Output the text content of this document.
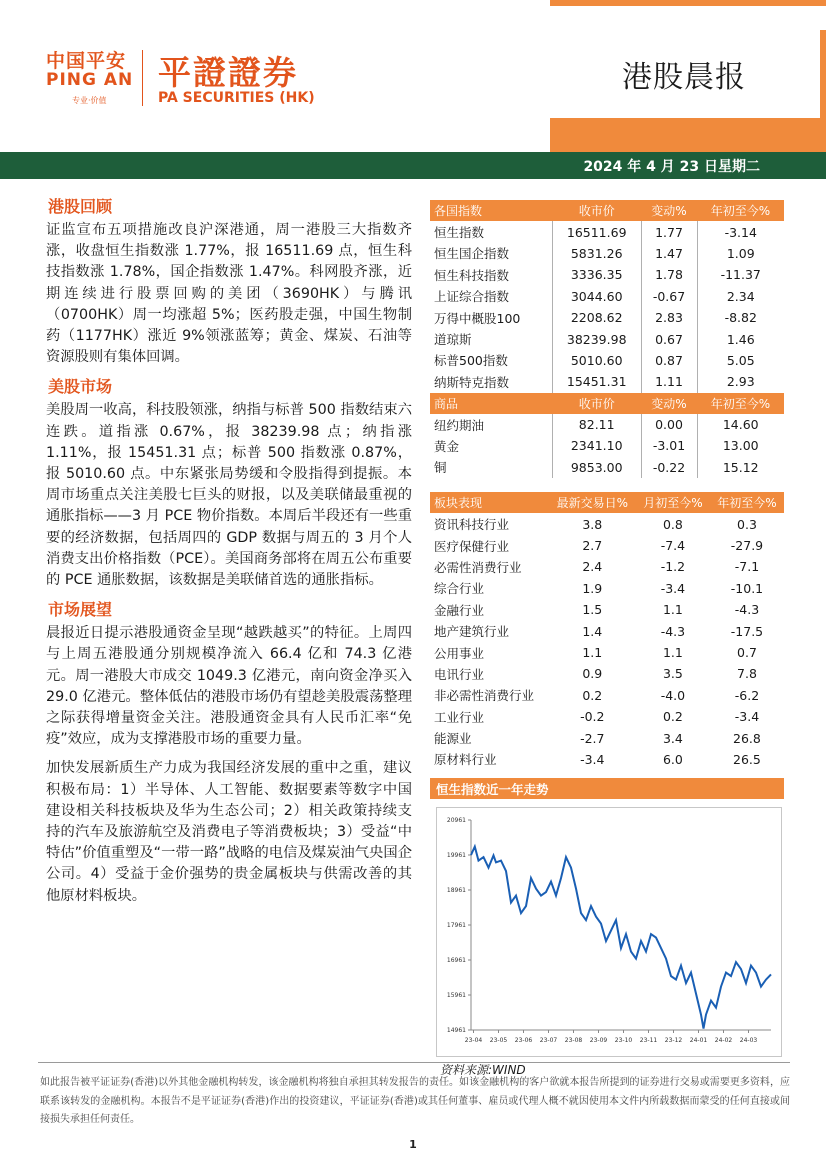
港股晨报
中国平安
PING AN
专业·价值
平證證券
PA SECURITIES (HK)
2024 年 4 月 23 日星期二
港股回顾

证监宣布五项措施改良沪深港通，周一港股三大指数齐涨，收盘恒生指数涨 1.77%，报 16511.69 点，恒生科技指数涨 1.78%，国企指数涨 1.47%。科网股齐涨，近期连续进行股票回购的美团（3690HK）与腾讯（0700HK）周一均涨超 5%；医药股走强，中国生物制药（1177HK）涨近 9%领涨蓝筹；黄金、煤炭、石油等资源股则有集体回调。

美股市场

美股周一收高，科技股领涨，纳指与标普 500 指数结束六连跌。道指涨 0.67%，报 38239.98 点；纳指涨 1.11%，报 15451.31 点；标普 500 指数涨 0.87%，报 5010.60 点。中东紧张局势缓和令股指得到提振。本周市场重点关注美股七巨头的财报，以及美联储最重视的通胀指标——3 月 PCE 物价指数。本周后半段还有一些重要的经济数据，包括周四的 GDP 数据与周五的 3 月个人消费支出价格指数（PCE）。美国商务部将在周五公布重要的 PCE 通胀数据，该数据是美联储首选的通胀指标。

市场展望

晨报近日提示港股通资金呈现“越跌越买”的特征。上周四与上周五港股通分别规模净流入 66.4 亿和 74.3 亿港元。周一港股大市成交 1049.3 亿港元，南向资金净买入 29.0 亿港元。整体低估的港股市场仍有望趁美股震荡整理之际获得增量资金关注。港股通资金具有人民币汇率“免疫”效应，成为支撑港股市场的重要力量。

加快发展新质生产力成为我国经济发展的重中之重，建议积极布局：1）半导体、人工智能、数据要素等数字中国建设相关科技板块及华为生态公司；2）相关政策持续支持的汽车及旅游航空及消费电子等消费板块；3）受益“中特估”价值重塑及“一带一路”战略的电信及煤炭油气央国企公司。4）受益于金价强势的贵金属板块与供需改善的其他原材料板块。

各国指数	收市价	变动%	年初至今%
恒生指数	16511.69	1.77	-3.14
恒生国企指数	5831.26	1.47	1.09
恒生科技指数	3336.35	1.78	-11.37
上证综合指数	3044.60	-0.67	2.34
万得中概股100	2208.62	2.83	-8.82
道琼斯	38239.98	0.67	1.46
标普500指数	5010.60	0.87	5.05
纳斯特克指数	15451.31	1.11	2.93
商品	收市价	变动%	年初至今%
纽约期油	82.11	0.00	14.60
黄金	2341.10	-3.01	13.00
铜	9853.00	-0.22	15.12
板块表现	最新交易日%	月初至今%	年初至今%
资讯科技行业	3.8	0.8	0.3
医疗保健行业	2.7	-7.4	-27.9
必需性消费行业	2.4	-1.2	-7.1
综合行业	1.9	-3.4	-10.1
金融行业	1.5	1.1	-4.3
地产建筑行业	1.4	-4.3	-17.5
公用事业	1.1	1.1	0.7
电讯行业	0.9	3.5	7.8
非必需性消费行业	0.2	-4.0	-6.2
工业行业	-0.2	0.2	-3.4
能源业	-2.7	3.4	26.8
原材料行业	-3.4	6.0	26.5
恒生指数近一年走势
14961
15961
16961
17961
18961
19961
20961
23-04 23-05 23-06 23-07 23-08 23-09 23-10 23-11 23-12 24-01 24-02 24-03
资料来源:WIND
如此报告被平证证券(香港)以外其他金融机构转发，该金融机构将独自承担其转发报告的责任。如该金融机构的客户欲就本报告所提到的证券进行交易或需要更多资料，应联系该转发的金融机构。本报告不是平证证券(香港)作出的投资建议，平证证券(香港)或其任何董事、雇员或代理人概不就因使用本文件内所载数据而蒙受的任何直接或间接损失承担任何责任。
1
